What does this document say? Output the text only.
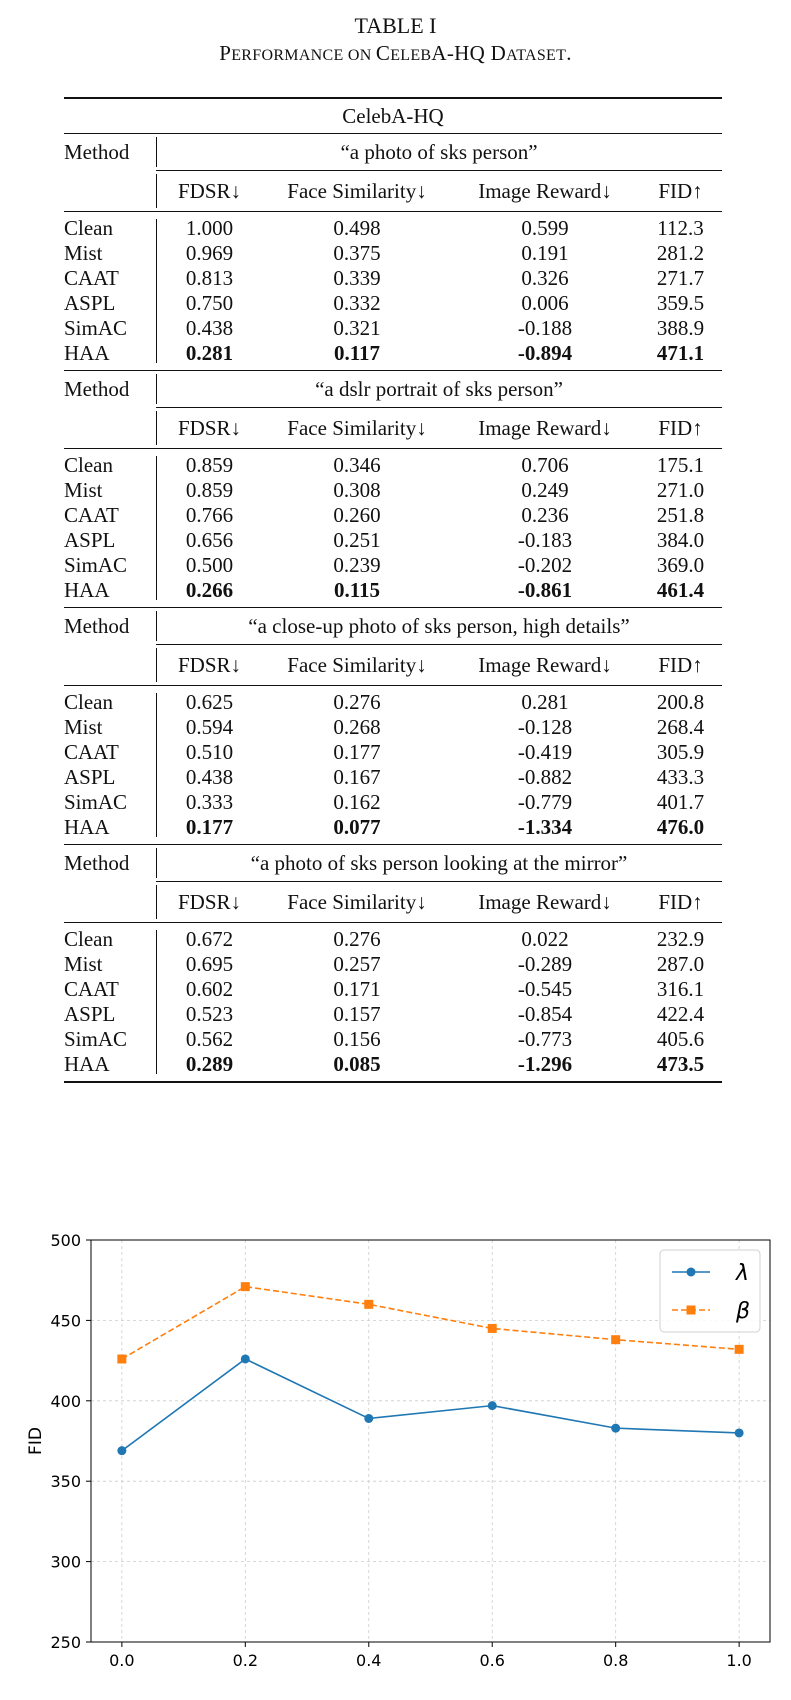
TABLE I
PERFORMANCE ON CELEBA-HQ DATASET.
CelebA-HQ
Method	“a photo of sks person”
FDSR↓	Face Similarity↓	Image Reward↓	FID↑
Clean	1.000	0.498	0.599	112.3
Mist	0.969	0.375	0.191	281.2
CAAT	0.813	0.339	0.326	271.7
ASPL	0.750	0.332	0.006	359.5
SimAC	0.438	0.321	-0.188	388.9
HAA	0.281	0.117	-0.894	471.1
Method	“a dslr portrait of sks person”
FDSR↓	Face Similarity↓	Image Reward↓	FID↑
Clean	0.859	0.346	0.706	175.1
Mist	0.859	0.308	0.249	271.0
CAAT	0.766	0.260	0.236	251.8
ASPL	0.656	0.251	-0.183	384.0
SimAC	0.500	0.239	-0.202	369.0
HAA	0.266	0.115	-0.861	461.4
Method	“a close-up photo of sks person, high details”
FDSR↓	Face Similarity↓	Image Reward↓	FID↑
Clean	0.625	0.276	0.281	200.8
Mist	0.594	0.268	-0.128	268.4
CAAT	0.510	0.177	-0.419	305.9
ASPL	0.438	0.167	-0.882	433.3
SimAC	0.333	0.162	-0.779	401.7
HAA	0.177	0.077	-1.334	476.0
Method	“a photo of sks person looking at the mirror”
FDSR↓	Face Similarity↓	Image Reward↓	FID↑
Clean	0.672	0.276	0.022	232.9
Mist	0.695	0.257	-0.289	287.0
CAAT	0.602	0.171	-0.545	316.1
ASPL	0.523	0.157	-0.854	422.4
SimAC	0.562	0.156	-0.773	405.6
HAA	0.289	0.085	-1.296	473.5
0.0	0.2	0.4	0.6	0.8	1.0
250
300
350
400
450
500
FID
λ
β
